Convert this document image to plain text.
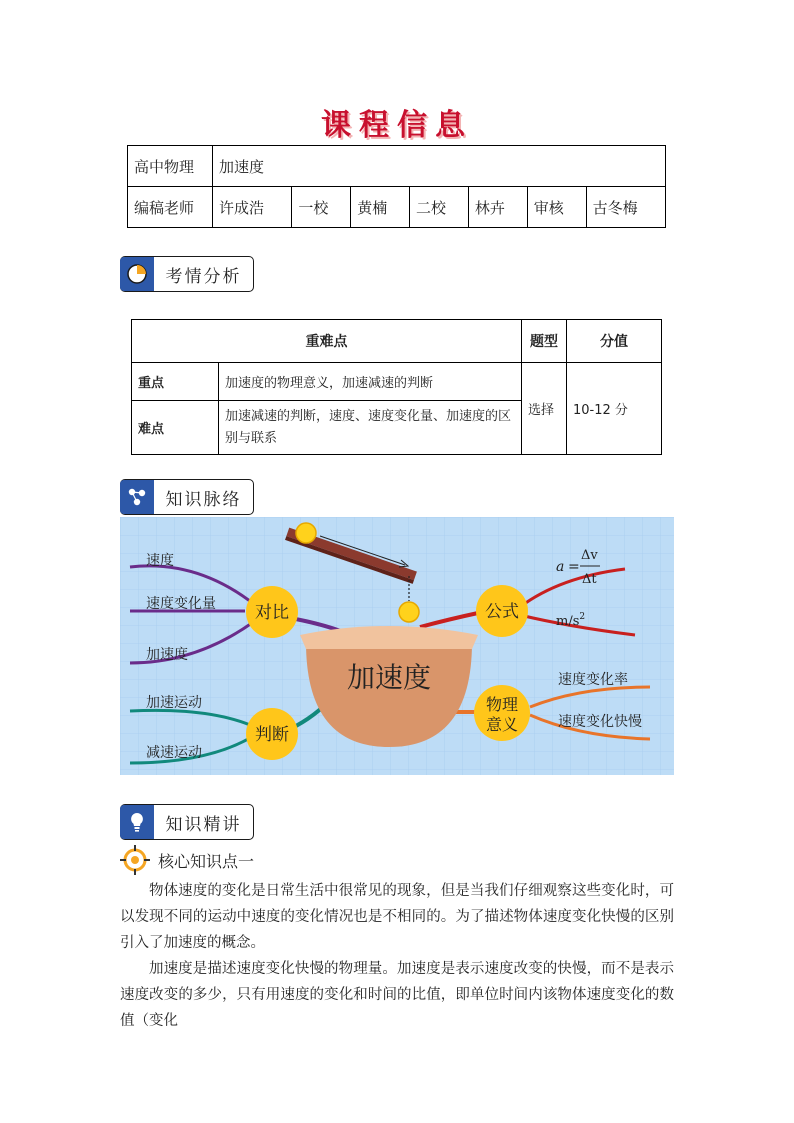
课程信息
高中物理	加速度						
编稿老师	许成浩	一校	黄楠	二校	林卉	审核	古冬梅
考情分析
重难点		题型	分值
重点	加速度的物理意义，加速减速的判断	选择	10-12 分
难点	加速减速的判断，速度、速度变化量、加速度的区别与联系		
知识脉络
加速度
对比
判断
公式
物理
意义
速度
速度变化量
加速度
加速运动
减速运动
a =
Δv
Δt
$m/s^2$
速度变化率
速度变化快慢
知识精讲
核心知识点一

物体速度的变化是日常生活中很常见的现象，但是当我们仔细观察这些变化时，可以发现不同的运动中速度的变化情况也是不相同的。为了描述物体速度变化快慢的区别引入了加速度的概念。

加速度是描述速度变化快慢的物理量。加速度是表示速度改变的快慢，而不是表示速度改变的多少，只有用速度的变化和时间的比值，即单位时间内该物体速度变化的数值（变化
